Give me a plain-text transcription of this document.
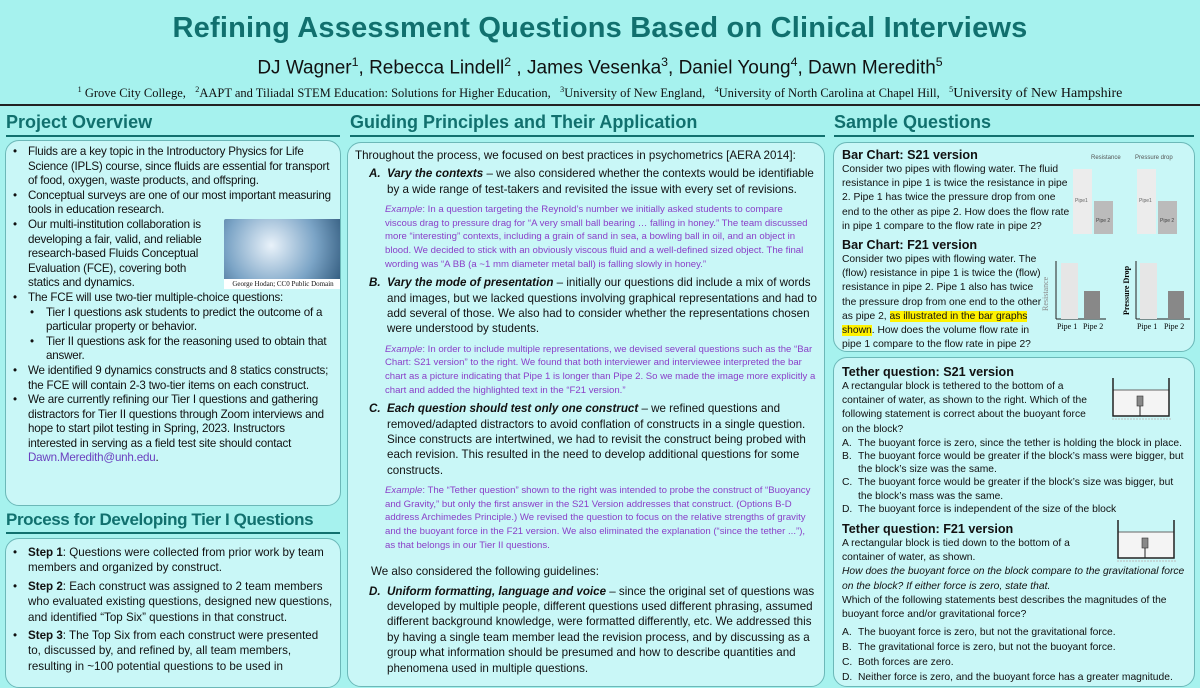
Refining Assessment Questions Based on Clinical Interviews
DJ Wagner$^1$, Rebecca Lindell$^2$ , James Vesenka$^3$, Daniel Young$^4$, Dawn Meredith$^5$
$^1$ Grove City College, $^2$AAPT and Tiliadal STEM Education: Solutions for Higher Education, $^3$University of New England, $^4$University of North Carolina at Chapel Hill, $^5$University of New Hampshire
Project Overview
• Fluids are a key topic in the Introductory Physics for Life Science (IPLS) course, since fluids are essential for transport of food, oxygen, waste products, and offspring.
• Conceptual surveys are one of our most important measuring tools in education research.
• Our multi-institution collaboration is developing a fair, valid, and reliable research-based Fluids Conceptual Evaluation (FCE), covering both statics and dynamics.
• The FCE will use two-tier multiple-choice questions:
• Tier I questions ask students to predict the outcome of a particular property or behavior.
• Tier II questions ask for the reasoning used to obtain that answer.
• We identified 9 dynamics constructs and 8 statics constructs; the FCE will contain 2-3 two-tier items on each construct.
• We are currently refining our Tier I questions and gathering distractors for Tier II questions through Zoom interviews and hope to start pilot testing in Spring, 2023. Instructors interested in serving as a field test site should contact Dawn.Meredith@unh.edu.
George Hodan; CC0 Public Domain
Process for Developing Tier I Questions
• Step 1: Questions were collected from prior work by team members and organized by construct.
• Step 2: Each construct was assigned to 2 team members who evaluated existing questions, designed new questions, and identified “Top Six” questions in that construct.
• Step 3: The Top Six from each construct were presented to, discussed by, and refined by, all team members, resulting in ~100 potential questions to be used in
Guiding Principles and Their Application

Throughout the process, we focused on best practices in psychometrics [AERA 2014]:

A. Vary the contexts – we also considered whether the contexts would be identifiable by a wide range of test-takers and revisited the issue with every set of revisions.
Example: In a question targeting the Reynold’s number we initially asked students to compare viscous drag to pressure drag for “A very small ball bearing … falling in honey.” The team discussed more “interesting” contexts, including a grain of sand in sea, a bowling ball in oil, and an object in blood. We decided to stick with an obviously viscous fluid and a well-defined sized object. The final wording was “A BB (a ~1 mm diameter metal ball) is falling slowly in honey.”
B. Vary the mode of presentation – initially our questions did include a mix of words and images, but we lacked questions involving graphical representations and had to add several of those. We also had to consider whether the representations chosen were understood by students.
Example: In order to include multiple representations, we devised several questions such as the “Bar Chart: S21 version” to the right. We found that both interviewer and interviewee interpreted the bar chart as a picture indicating that Pipe 1 is longer than Pipe 2. So we made the image more explicitly a chart and added the highlighted text in the “F21 version.”
C. Each question should test only one construct – we refined questions and removed/adapted distractors to avoid conflation of constructs in a single question. Since constructs are intertwined, we had to revisit the construct being probed with each revision. This resulted in the need to develop additional questions for some constructs.
Example: The “Tether question” shown to the right was intended to probe the construct of “Buoyancy and Gravity,” but only the first answer in the S21 Version addresses that construct. (Options B-D address Archimedes Principle.) We revised the question to focus on the relative strengths of gravity and the buoyant force in the F21 version. We also eliminated the explanation (“since the tether ...”), as that belongs in our Tier II questions.

We also considered the following guidelines:

D. Uniform formatting, language and voice – since the original set of questions was developed by multiple people, different questions used different phrasing, assumed different background knowledge, were formatted differently, etc. We addressed this by having a single team member lead the revision process, and by discussing as a group what information should be presumed and how to describe quantities and phenomena used in multiple questions.
Sample Questions
Bar Chart: S21 version

Consider two pipes with flowing water. The fluid resistance in pipe 1 is twice the resistance in pipe 2. Pipe 1 has twice the pressure drop from one end to the other as pipe 2. How does the flow rate in pipe 1 compare to the flow rate in pipe 2?

Resistance Pressure drop
Pipe1
Pipe 2
Pipe1
Pipe 2
Bar Chart: F21 version

Consider two pipes with flowing water. The (flow) resistance in pipe 1 is twice the (flow) resistance in pipe 2. Pipe 1 also has twice the pressure drop from one end to the other as pipe 2, as illustrated in the bar graphs shown. How does the volume flow rate in pipe 1 compare to the flow rate in pipe 2?

Resistance
Pipe 1 Pipe 2
Pressure Drop
Pipe 1 Pipe 2
Tether question: S21 version

A rectangular block is tethered to the bottom of a container of water, as shown to the right. Which of the following statement is correct about the buoyant force on the block?

A. The buoyant force is zero, since the tether is holding the block in place.
B. The buoyant force would be greater if the block’s mass were bigger, but the block’s size was the same.
C. The buoyant force would be greater if the block’s size was bigger, but the block’s mass was the same.
D. The buoyant force is independent of the size of the block
Tether question: F21 version

A rectangular block is tied down to the bottom of a container of water, as shown.

How does the buoyant force on the block compare to the gravitational force on the block? If either force is zero, state that.

Which of the following statements best describes the magnitudes of the buoyant force and/or gravitational force?

A. The buoyant force is zero, but not the gravitational force.
B. The gravitational force is zero, but not the buoyant force.
C. Both forces are zero.
D. Neither force is zero, and the buoyant force has a greater magnitude.
